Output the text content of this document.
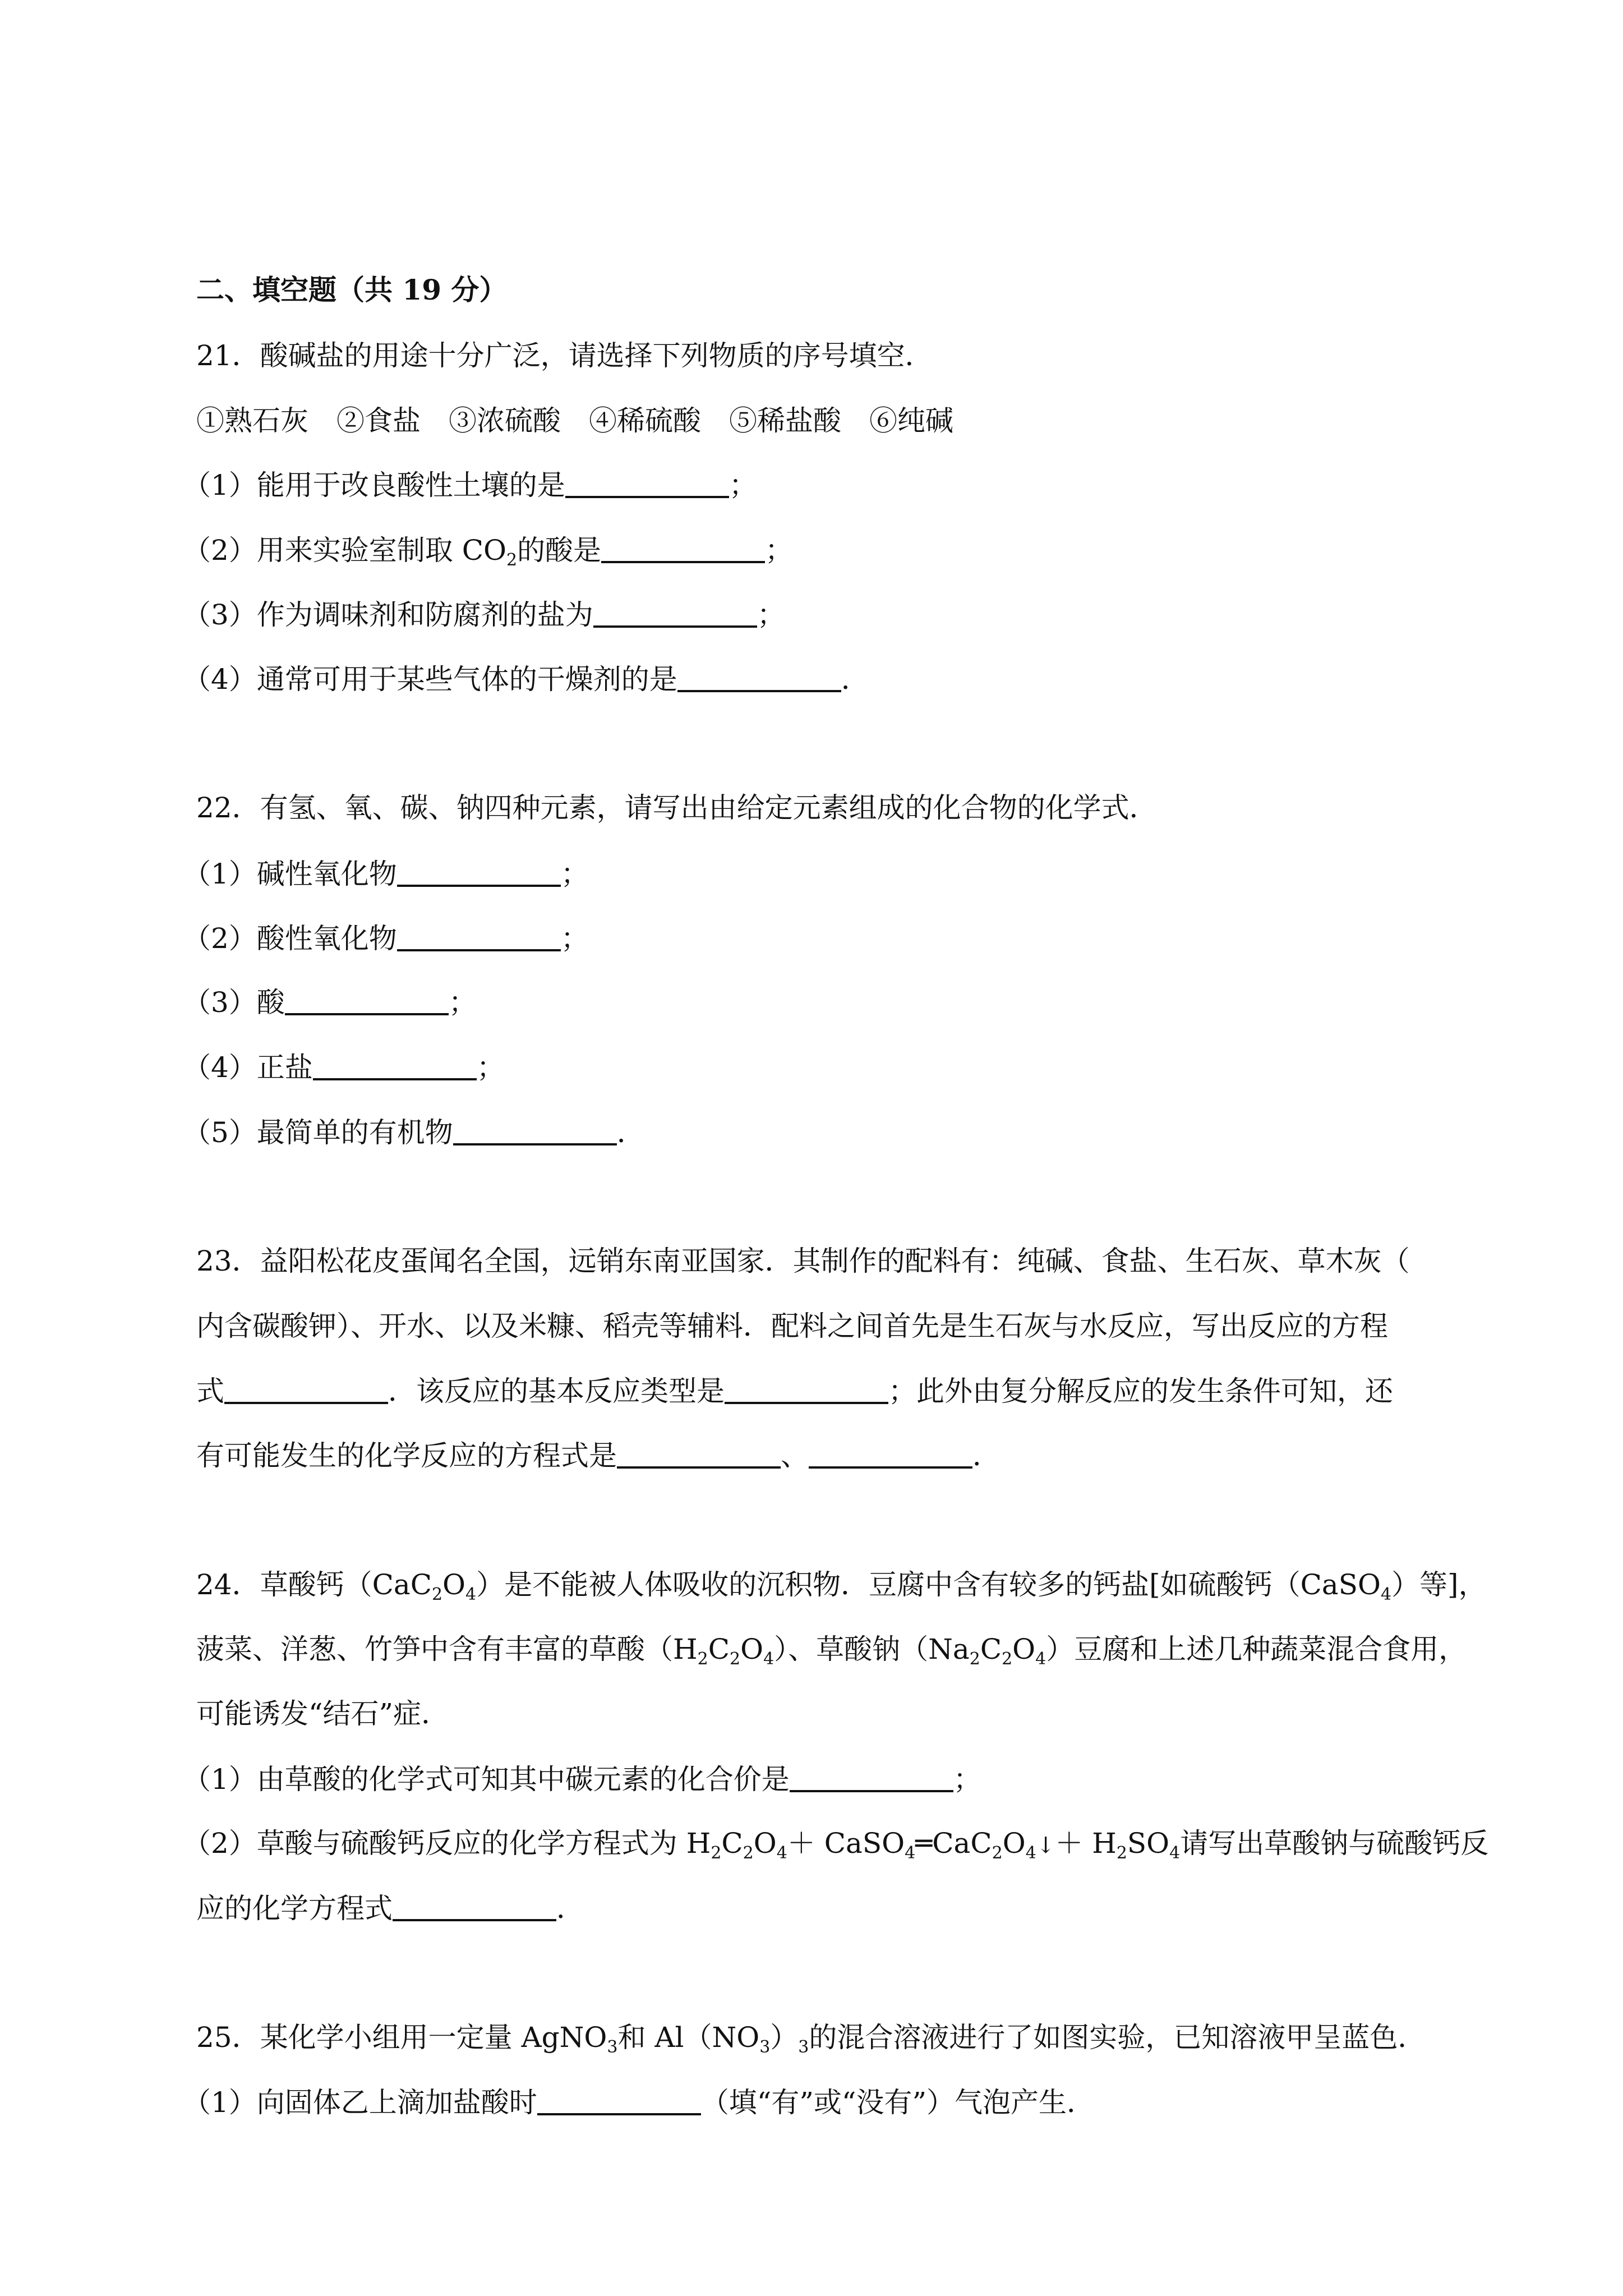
二、填空题（共 19 分）
21．酸碱盐的用途十分广泛，请选择下列物质的序号填空．
①熟石灰　②食盐　③浓硫酸　④稀硫酸　⑤稀盐酸　⑥纯碱
（1）能用于改良酸性土壤的是	；
（2）用来实验室制取 $CO_2$的酸是	；
（3）作为调味剂和防腐剂的盐为	；
（4）通常可用于某些气体的干燥剂的是	．
22．有氢、氧、碳、钠四种元素，请写出由给定元素组成的化合物的化学式．
（1）碱性氧化物	；
（2）酸性氧化物	；
（3）酸	；
（4）正盐	；
（5）最简单的有机物	．
23．益阳松花皮蛋闻名全国，远销东南亚国家．其制作的配料有：纯碱、食盐、生石灰、草木灰（
内含碳酸钾）、开水、以及米糠、稻壳等辅料．配料之间首先是生石灰与水反应，写出反应的方程
式	．该反应的基本反应类型是	；此外由复分解反应的发生条件可知，还
有可能发生的化学反应的方程式是	、	．
24．草酸钙$(CaC_2O_4)$是不能被人体吸收的沉积物．豆腐中含有较多的钙盐[如硫酸钙（CaSO$_4$）等]，
菠菜、洋葱、竹笋中含有丰富的草酸$(H_2C_2O_4)$、草酸钠$(Na_2C_2O_4)$豆腐和上述几种蔬菜混合食用，
可能诱发“结石”症．
（1）由草酸的化学式可知其中碳元素的化合价是	；
（2）草酸与硫酸钙反应的化学方程式为 $H_2C_2O_4+$ $CaSO_4═CaC_2O_4↓+ H_2SO_4$请写出草酸钠与硫酸钙反
应的化学方程式	．
25．某化学小组用一定量 AgNO$_3$和 $Al(NO_3)_3$的混合溶液进行了如图实验，已知溶液甲呈蓝色．
（1）向固体乙上滴加盐酸时	（填“有”或“没有”）气泡产生．
